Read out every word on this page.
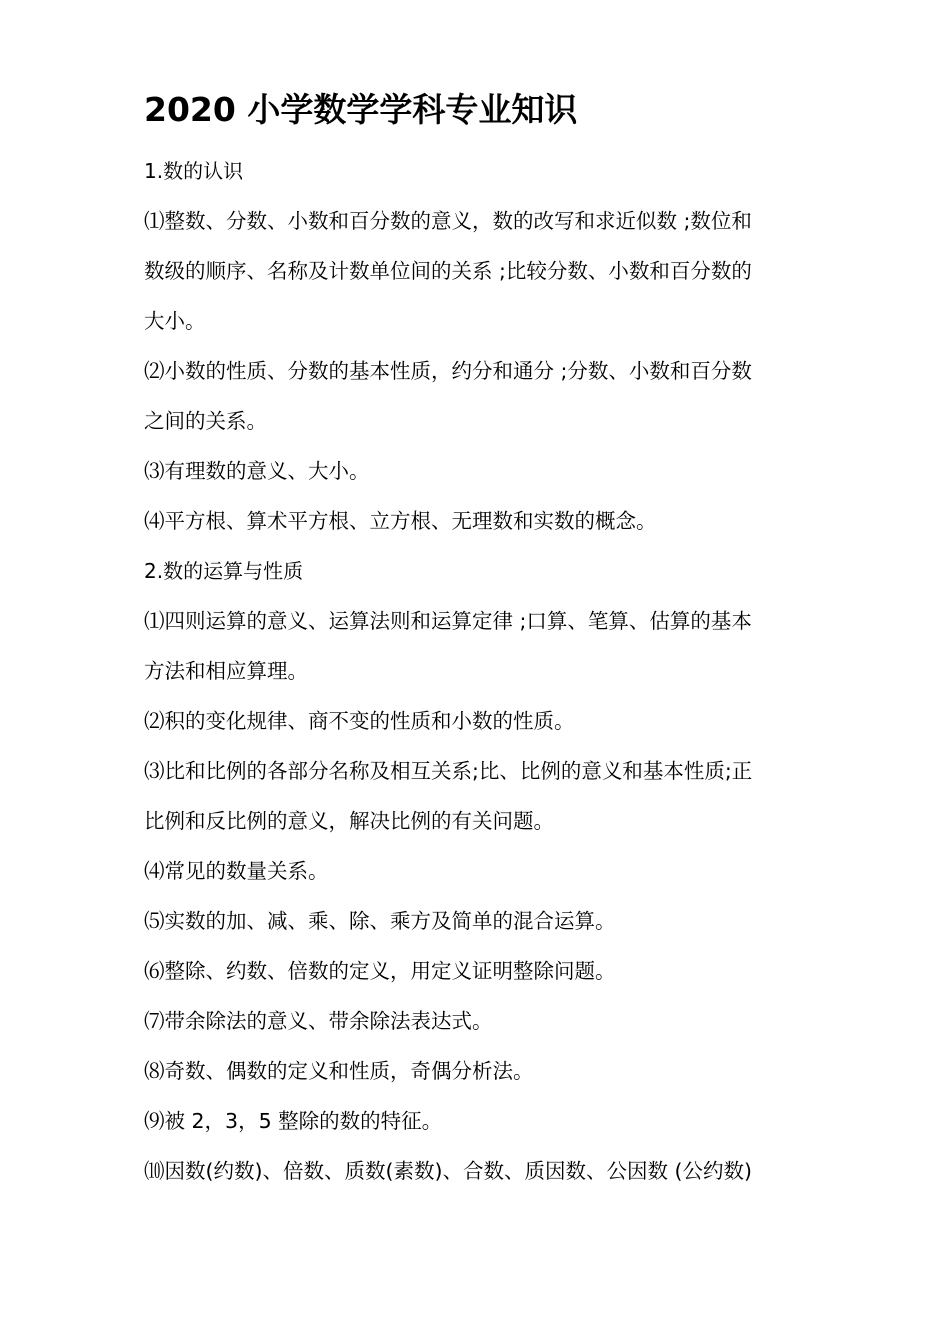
2020 小学数学学科专业知识
1.数的认识
⑴整数、分数、小数和百分数的意义，数的改写和求近似数 ;数位和
数级的顺序、名称及计数单位间的关系 ;比较分数、小数和百分数的
大小。
⑵小数的性质、分数的基本性质，约分和通分 ;分数、小数和百分数
之间的关系。
⑶有理数的意义、大小。
⑷平方根、算术平方根、立方根、无理数和实数的概念。
2.数的运算与性质
⑴四则运算的意义、运算法则和运算定律 ;口算、笔算、估算的基本
方法和相应算理。
⑵积的变化规律、商不变的性质和小数的性质。
⑶比和比例的各部分名称及相互关系;比、比例的意义和基本性质;正
比例和反比例的意义，解决比例的有关问题。
⑷常见的数量关系。
⑸实数的加、减、乘、除、乘方及简单的混合运算。
⑹整除、约数、倍数的定义，用定义证明整除问题。
⑺带余除法的意义、带余除法表达式。
⑻奇数、偶数的定义和性质，奇偶分析法。
⑼被 2，3，5 整除的数的特征。
⑽因数(约数)、倍数、质数(素数)、合数、质因数、公因数 (公约数)
